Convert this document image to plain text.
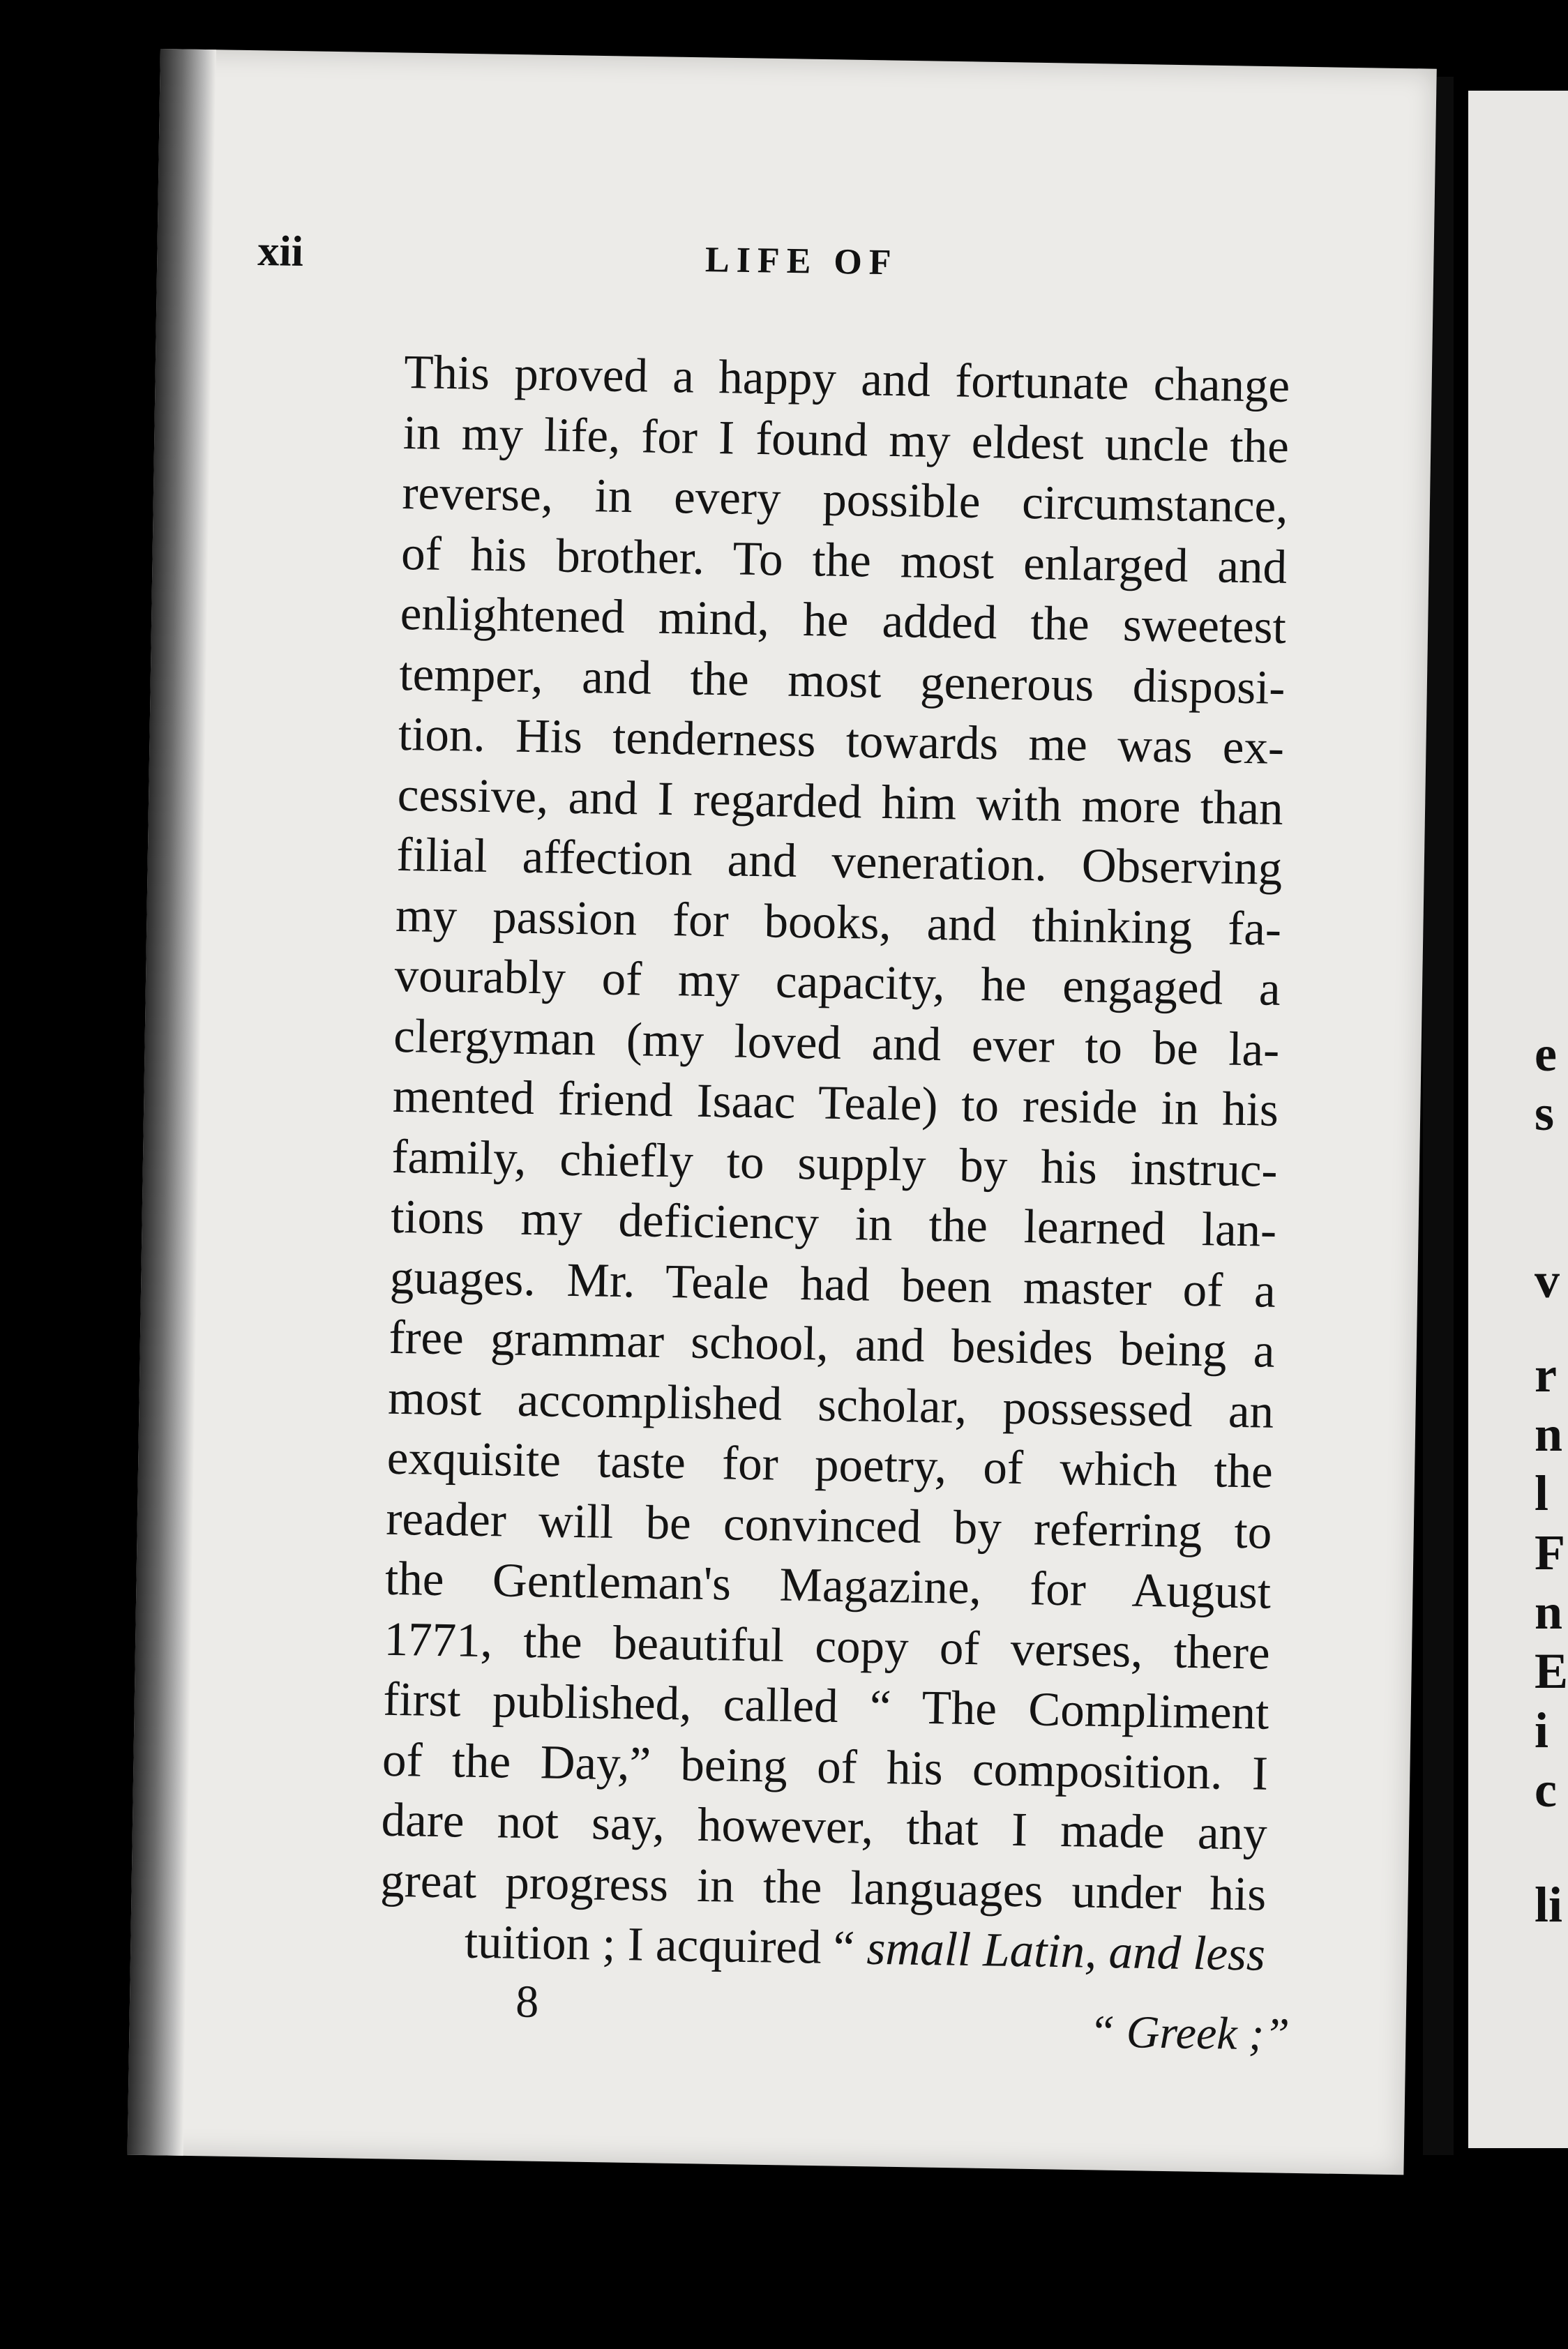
e
s
v
r
n
l
F
n
E
i
c
li
xii	LIFE OF
This proved a happy and fortunate change
in my life, for I found my eldest uncle the
reverse, in every possible circumstance,
of his brother. To the most enlarged and
enlightened mind, he added the sweetest
temper, and the most generous disposi-
tion. His tenderness towards me was ex-
cessive, and I regarded him with more than
filial affection and veneration. Observing
my passion for books, and thinking fa-
vourably of my capacity, he engaged a
clergyman (my loved and ever to be la-
mented friend Isaac Teale) to reside in his
family, chiefly to supply by his instruc-
tions my deficiency in the learned lan-
guages. Mr. Teale had been master of a
free grammar school, and besides being a
most accomplished scholar, possessed an
exquisite taste for poetry, of which the
reader will be convinced by referring to
the Gentleman's Magazine, for August
1771, the beautiful copy of verses, there
first published, called “ The Compliment
of the Day,” being of his composition. I
dare not say, however, that I made any
great progress in the languages under his
tuition ; I acquired “ small Latin, and less
8
“ Greek ;”
